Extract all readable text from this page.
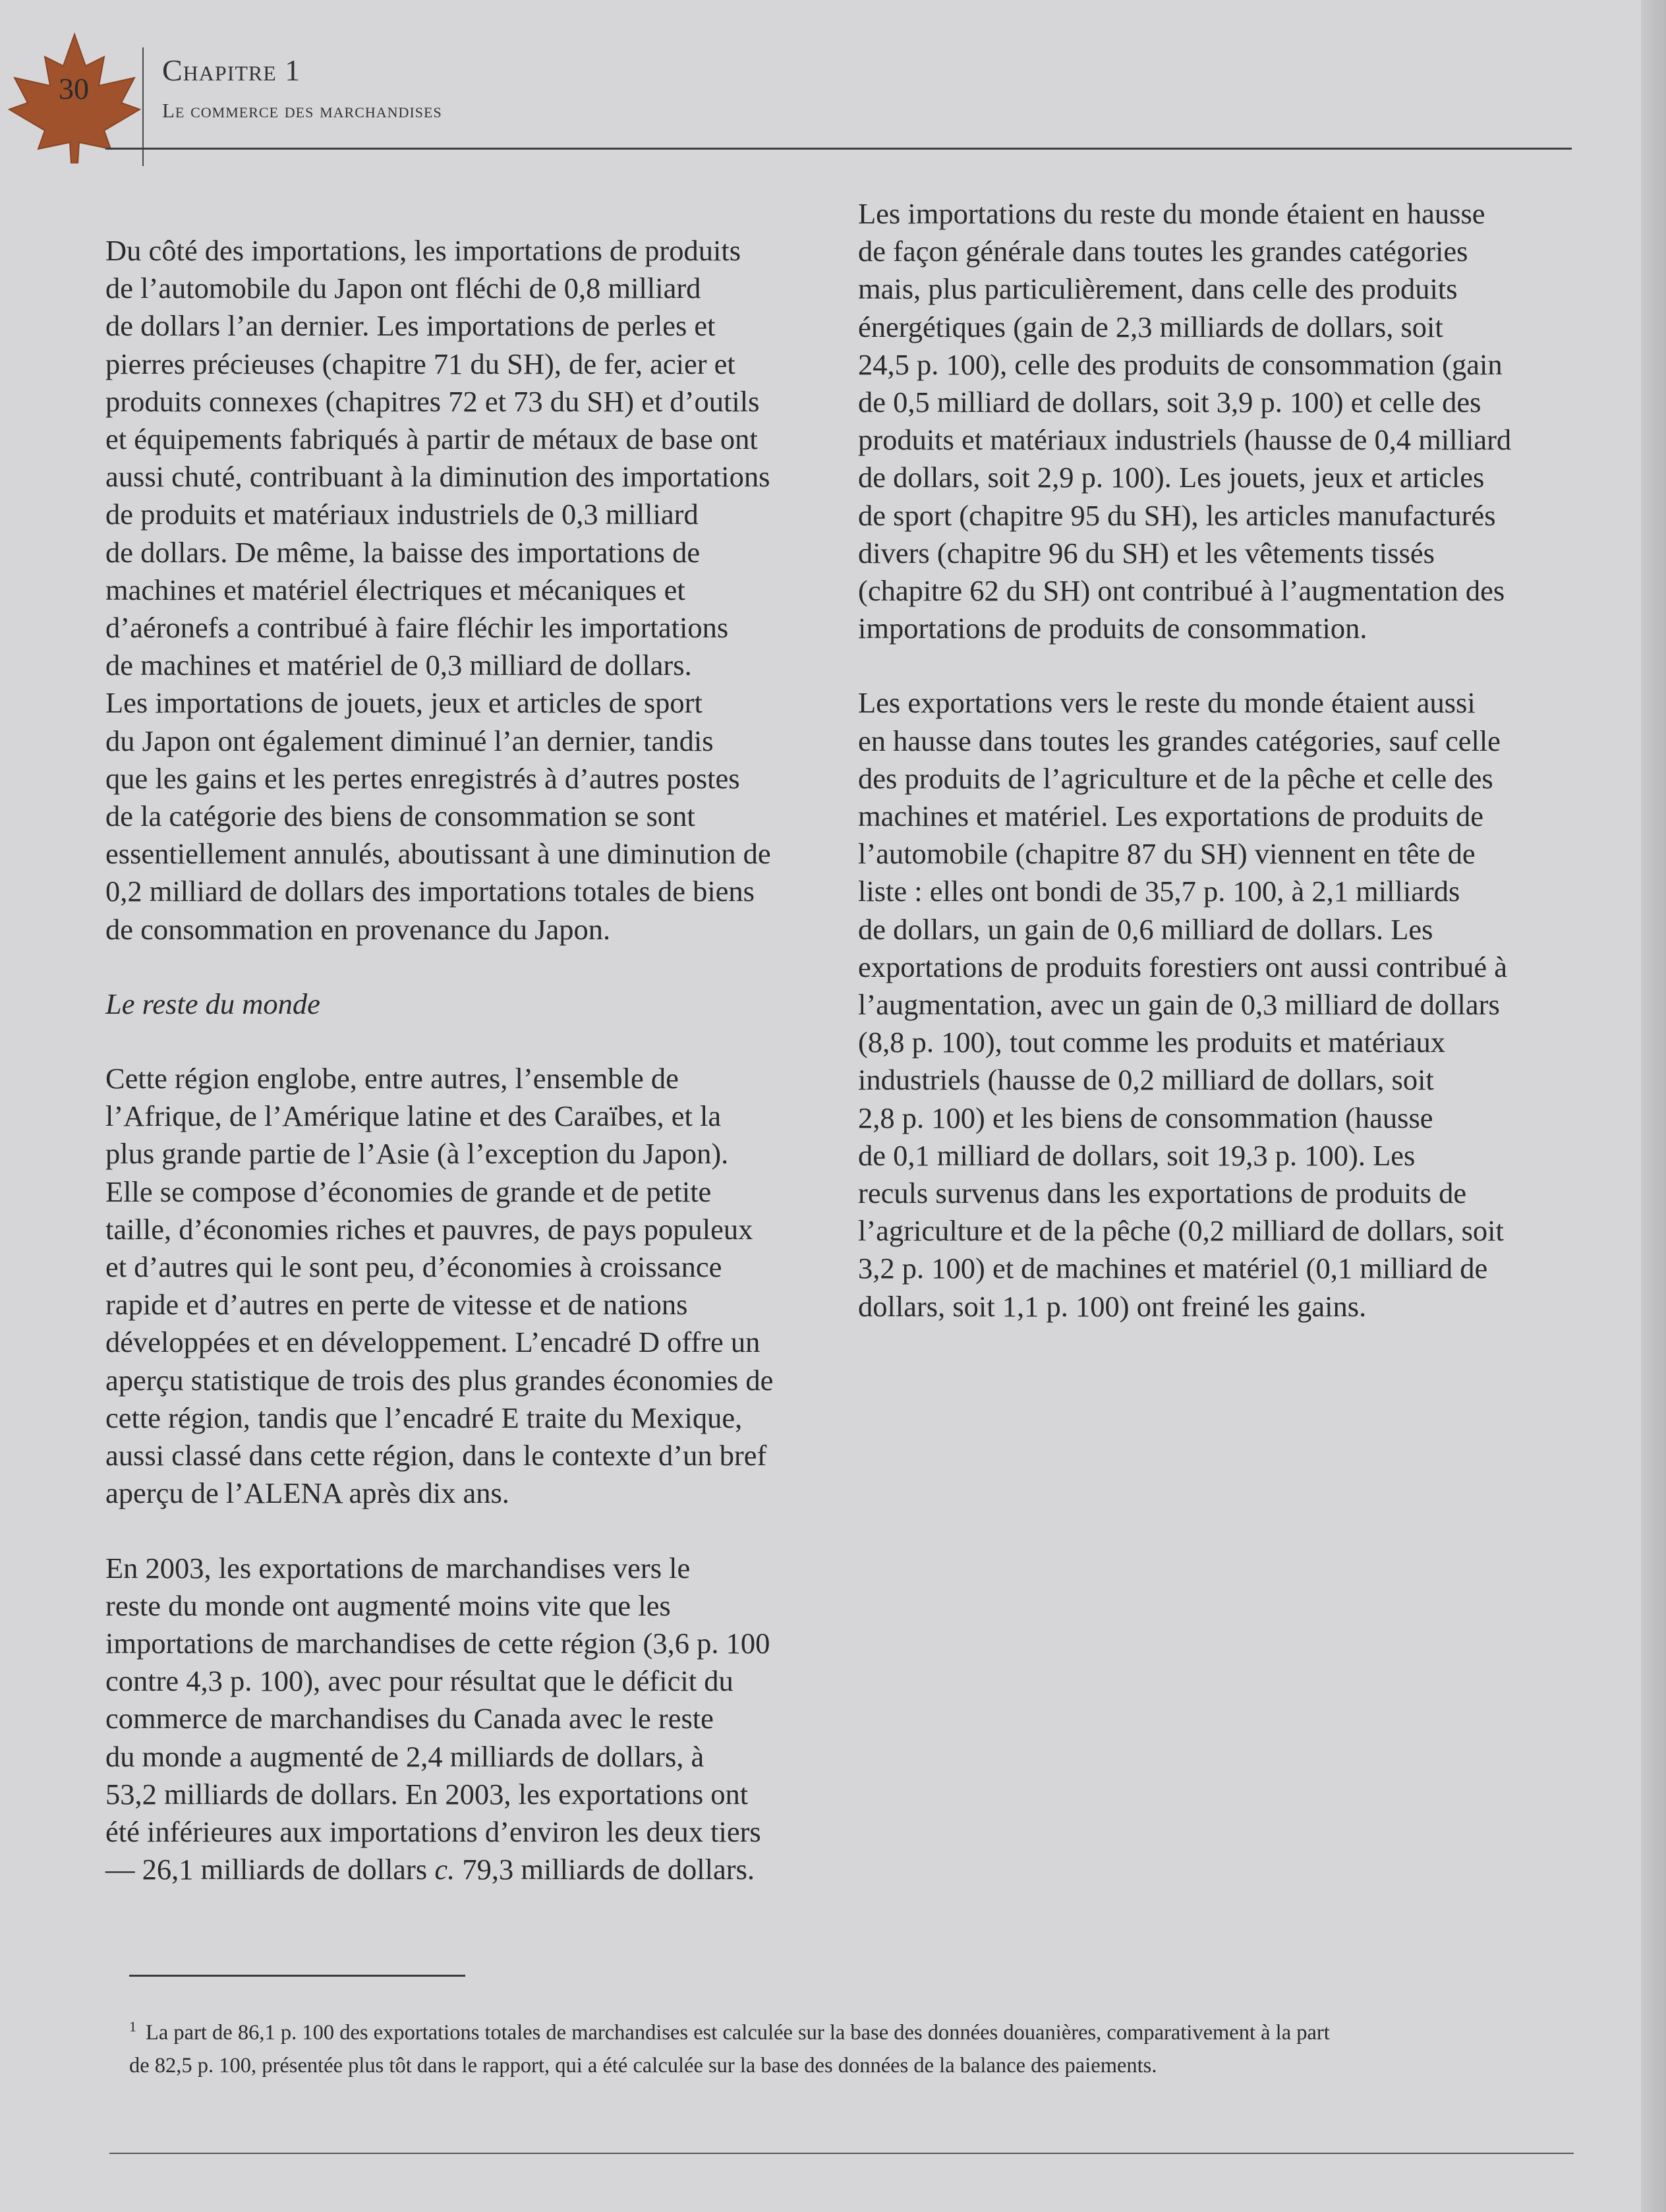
30
Chapitre 1
Le commerce des marchandises

Du côté des importations, les importations de produits
de l’automobile du Japon ont fléchi de 0,8 milliard
de dollars l’an dernier. Les importations de perles et
pierres précieuses (chapitre 71 du SH), de fer, acier et
produits connexes (chapitres 72 et 73 du SH) et d’outils
et équipements fabriqués à partir de métaux de base ont
aussi chuté, contribuant à la diminution des importations
de produits et matériaux industriels de 0,3 milliard
de dollars. De même, la baisse des importations de
machines et matériel électriques et mécaniques et
d’aéronefs a contribué à faire fléchir les importations
de machines et matériel de 0,3 milliard de dollars.
Les importations de jouets, jeux et articles de sport
du Japon ont également diminué l’an dernier, tandis
que les gains et les pertes enregistrés à d’autres postes
de la catégorie des biens de consommation se sont
essentiellement annulés, aboutissant à une diminution de
0,2 milliard de dollars des importations totales de biens
de consommation en provenance du Japon.

Le reste du monde

Cette région englobe, entre autres, l’ensemble de
l’Afrique, de l’Amérique latine et des Caraïbes, et la
plus grande partie de l’Asie (à l’exception du Japon).
Elle se compose d’économies de grande et de petite
taille, d’économies riches et pauvres, de pays populeux
et d’autres qui le sont peu, d’économies à croissance
rapide et d’autres en perte de vitesse et de nations
développées et en développement. L’encadré D offre un
aperçu statistique de trois des plus grandes économies de
cette région, tandis que l’encadré E traite du Mexique,
aussi classé dans cette région, dans le contexte d’un bref
aperçu de l’ALENA après dix ans.

En 2003, les exportations de marchandises vers le
reste du monde ont augmenté moins vite que les
importations de marchandises de cette région (3,6 p. 100
contre 4,3 p. 100), avec pour résultat que le déficit du
commerce de marchandises du Canada avec le reste
du monde a augmenté de 2,4 milliards de dollars, à
53,2 milliards de dollars. En 2003, les exportations ont
été inférieures aux importations d’environ les deux tiers
— 26,1 milliards de dollars c. 79,3 milliards de dollars.

Les importations du reste du monde étaient en hausse
de façon générale dans toutes les grandes catégories
mais, plus particulièrement, dans celle des produits
énergétiques (gain de 2,3 milliards de dollars, soit
24,5 p. 100), celle des produits de consommation (gain
de 0,5 milliard de dollars, soit 3,9 p. 100) et celle des
produits et matériaux industriels (hausse de 0,4 milliard
de dollars, soit 2,9 p. 100). Les jouets, jeux et articles
de sport (chapitre 95 du SH), les articles manufacturés
divers (chapitre 96 du SH) et les vêtements tissés
(chapitre 62 du SH) ont contribué à l’augmentation des
importations de produits de consommation.

Les exportations vers le reste du monde étaient aussi
en hausse dans toutes les grandes catégories, sauf celle
des produits de l’agriculture et de la pêche et celle des
machines et matériel. Les exportations de produits de
l’automobile (chapitre 87 du SH) viennent en tête de
liste : elles ont bondi de 35,7 p. 100, à 2,1 milliards
de dollars, un gain de 0,6 milliard de dollars. Les
exportations de produits forestiers ont aussi contribué à
l’augmentation, avec un gain de 0,3 milliard de dollars
(8,8 p. 100), tout comme les produits et matériaux
industriels (hausse de 0,2 milliard de dollars, soit
2,8 p. 100) et les biens de consommation (hausse
de 0,1 milliard de dollars, soit 19,3 p. 100). Les
reculs survenus dans les exportations de produits de
l’agriculture et de la pêche (0,2 milliard de dollars, soit
3,2 p. 100) et de machines et matériel (0,1 milliard de
dollars, soit 1,1 p. 100) ont freiné les gains.

$^1$ La part de 86,1 p. 100 des exportations totales de marchandises est calculée sur la base des données douanières, comparativement à la part
de 82,5 p. 100, présentée plus tôt dans le rapport, qui a été calculée sur la base des données de la balance des paiements.
